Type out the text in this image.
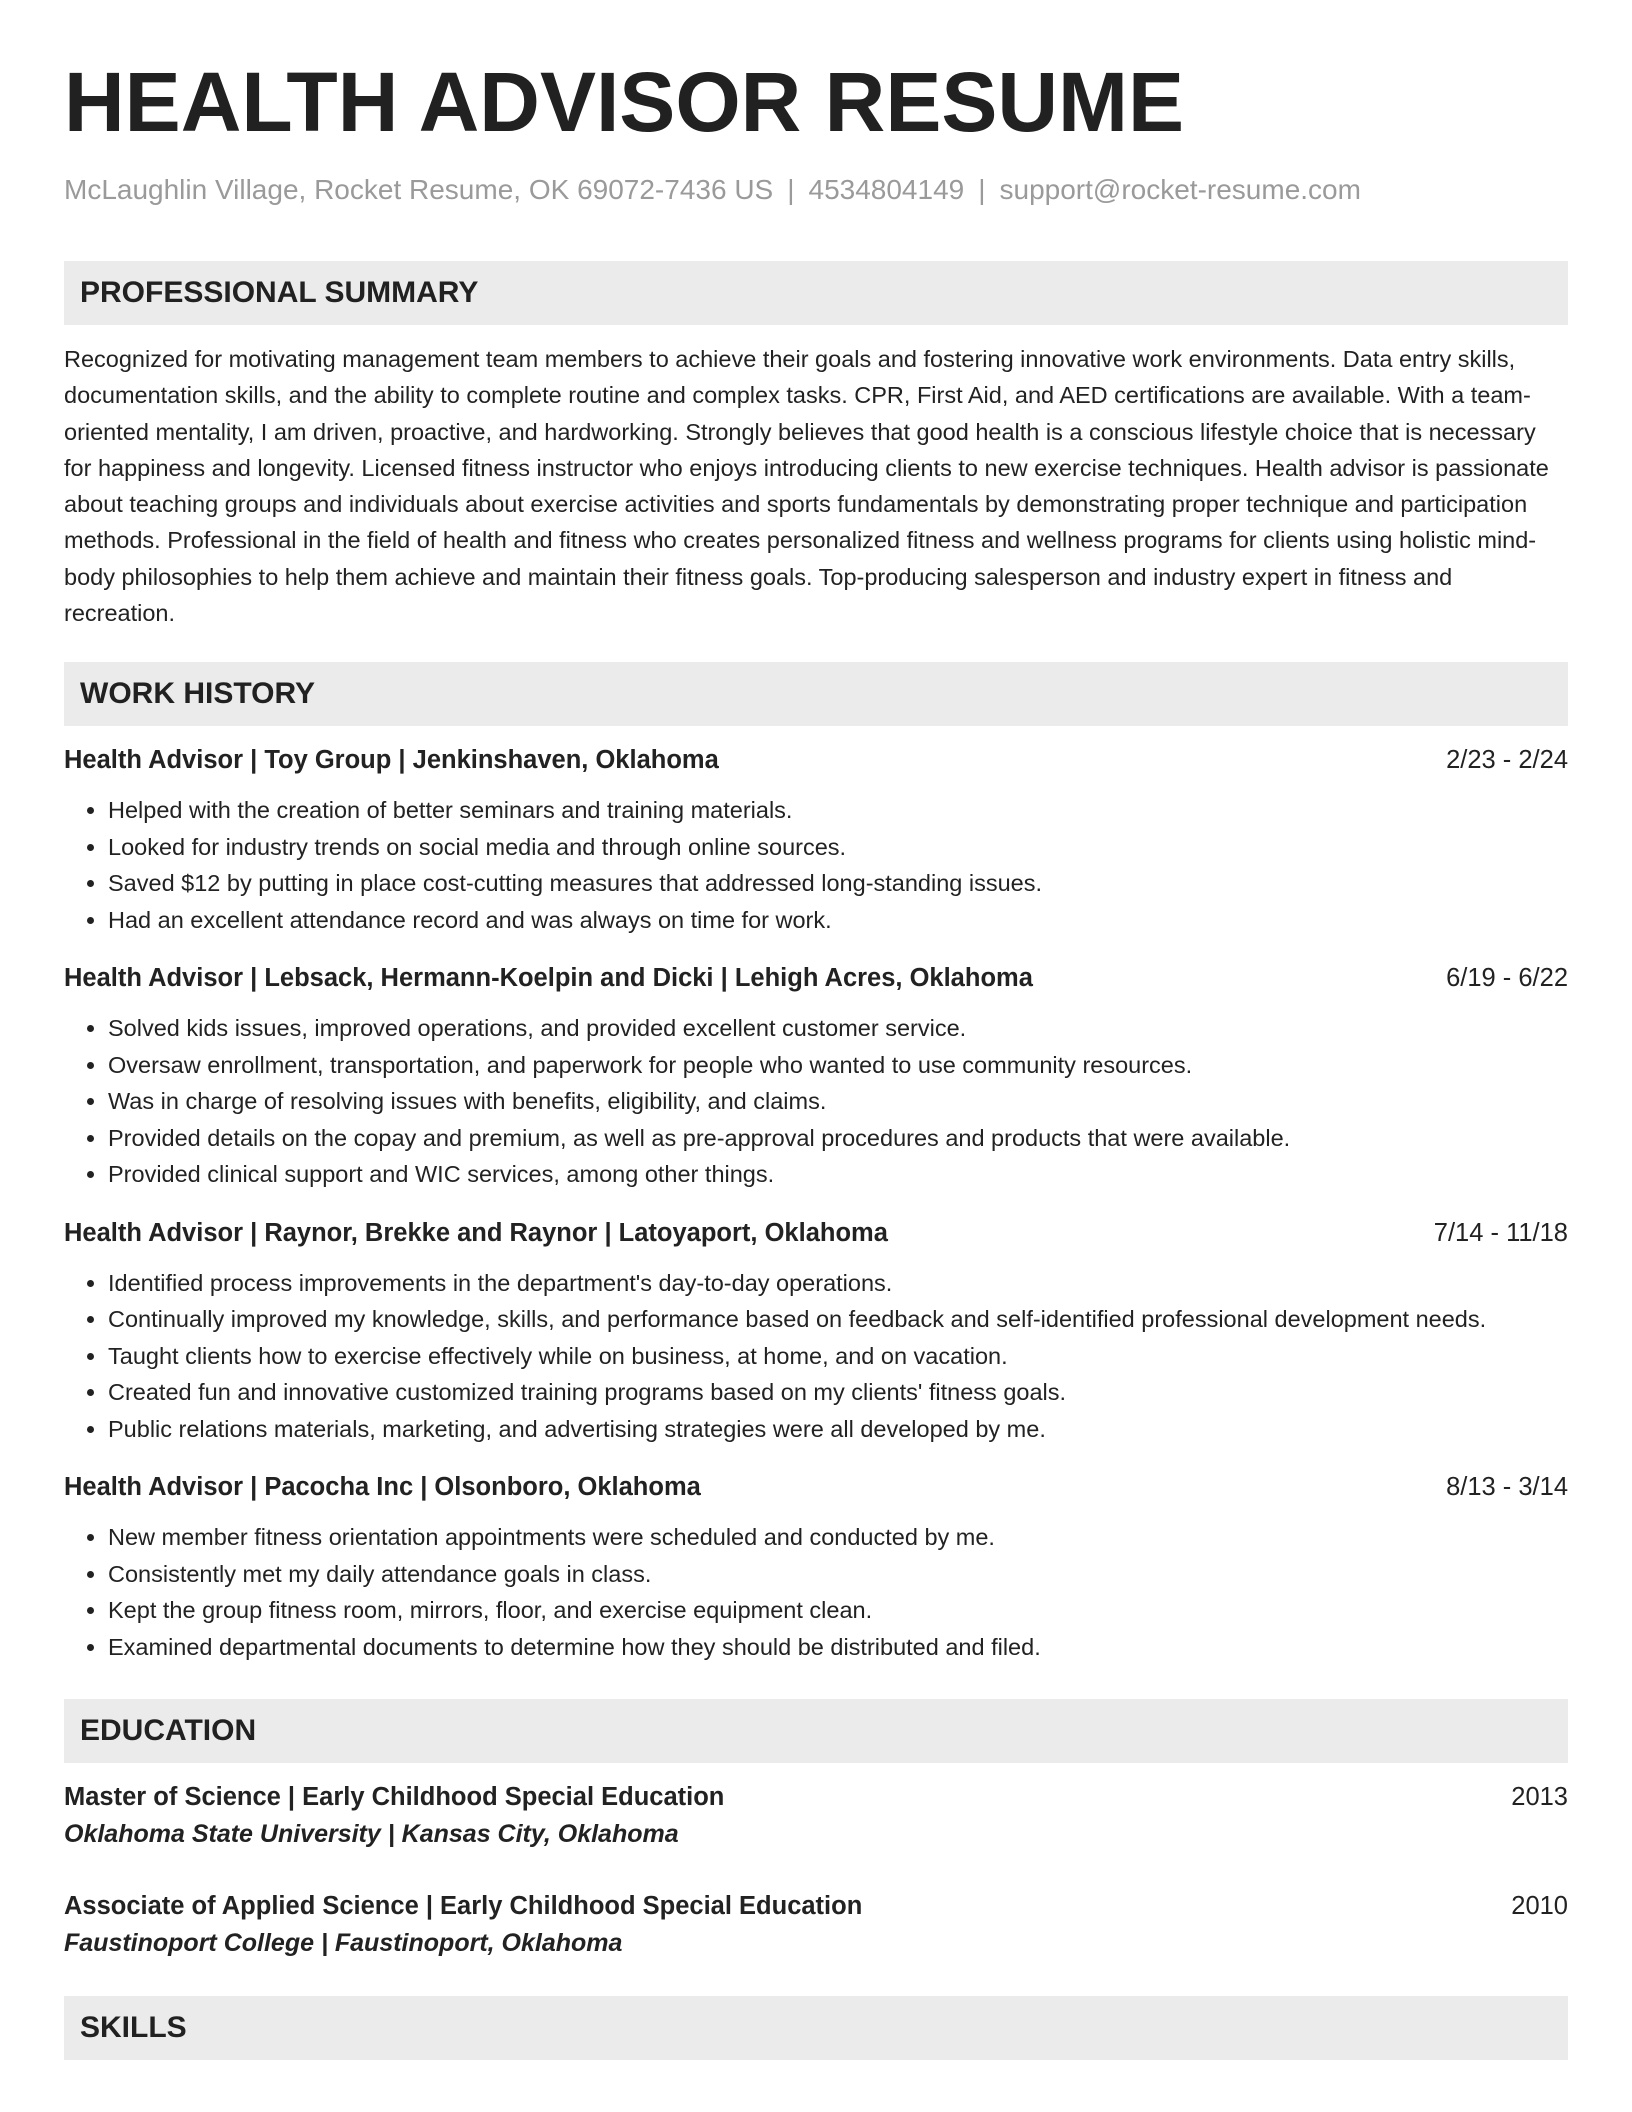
HEALTH ADVISOR RESUME
McLaughlin Village, Rocket Resume, OK 69072-7436 US | 4534804149 | support@rocket-resume.com
PROFESSIONAL SUMMARY

Recognized for motivating management team members to achieve their goals and fostering innovative work environments. Data entry skills, documentation skills, and the ability to complete routine and complex tasks. CPR, First Aid, and AED certifications are available. With a team-oriented mentality, I am driven, proactive, and hardworking. Strongly believes that good health is a conscious lifestyle choice that is necessary for happiness and longevity. Licensed fitness instructor who enjoys introducing clients to new exercise techniques. Health advisor is passionate about teaching groups and individuals about exercise activities and sports fundamentals by demonstrating proper technique and participation methods. Professional in the field of health and fitness who creates personalized fitness and wellness programs for clients using holistic mind-body philosophies to help them achieve and maintain their fitness goals. Top-producing salesperson and industry expert in fitness and recreation.

WORK HISTORY
Health Advisor | Toy Group | Jenkinshaven, Oklahoma	2/23 - 2/24
• Helped with the creation of better seminars and training materials.
• Looked for industry trends on social media and through online sources.
• Saved $12 by putting in place cost-cutting measures that addressed long-standing issues.
• Had an excellent attendance record and was always on time for work.
Health Advisor | Lebsack, Hermann-Koelpin and Dicki | Lehigh Acres, Oklahoma	6/19 - 6/22
• Solved kids issues, improved operations, and provided excellent customer service.
• Oversaw enrollment, transportation, and paperwork for people who wanted to use community resources.
• Was in charge of resolving issues with benefits, eligibility, and claims.
• Provided details on the copay and premium, as well as pre-approval procedures and products that were available.
• Provided clinical support and WIC services, among other things.
Health Advisor | Raynor, Brekke and Raynor | Latoyaport, Oklahoma	7/14 - 11/18
• Identified process improvements in the department's day-to-day operations.
• Continually improved my knowledge, skills, and performance based on feedback and self-identified professional development needs.
• Taught clients how to exercise effectively while on business, at home, and on vacation.
• Created fun and innovative customized training programs based on my clients' fitness goals.
• Public relations materials, marketing, and advertising strategies were all developed by me.
Health Advisor | Pacocha Inc | Olsonboro, Oklahoma	8/13 - 3/14
• New member fitness orientation appointments were scheduled and conducted by me.
• Consistently met my daily attendance goals in class.
• Kept the group fitness room, mirrors, floor, and exercise equipment clean.
• Examined departmental documents to determine how they should be distributed and filed.
EDUCATION
Master of Science | Early Childhood Special Education	2013
Oklahoma State University | Kansas City, Oklahoma
Associate of Applied Science | Early Childhood Special Education	2010
Faustinoport College | Faustinoport, Oklahoma
SKILLS
